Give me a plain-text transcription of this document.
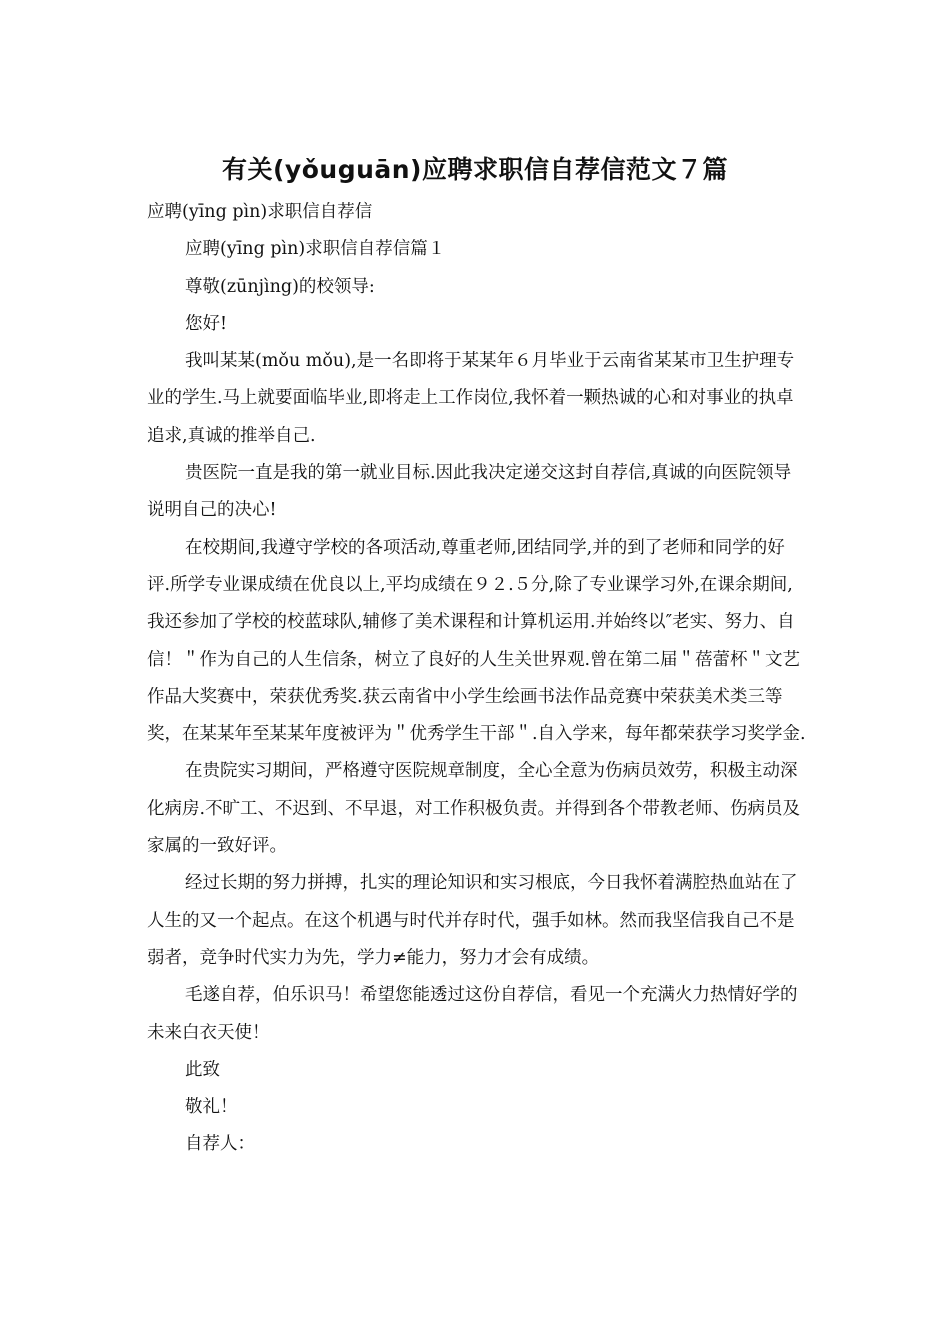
有关(yǒuguān)应聘求职信自荐信范文７篇

应聘(yīng pìn)求职信自荐信

应聘(yīng pìn)求职信自荐信篇１

尊敬(zūnjìng)的校领导:

您好!

我叫某某(mǒu mǒu),是一名即将于某某年６月毕业于云南省某某市卫生护理专业的学生.马上就要面临毕业,即将走上工作岗位,我怀着一颗热诚的心和对事业的执卓追求,真诚的推举自己.

贵医院一直是我的第一就业目标.因此我决定递交这封自荐信,真诚的向医院领导说明自己的决心!

在校期间,我遵守学校的各项活动,尊重老师,团结同学,并的到了老师和同学的好评.所学专业课成绩在优良以上,平均成绩在９２.５分,除了专业课学习外,在课余期间,我还参加了学校的校蓝球队,辅修了美术课程和计算机运用.并始终以″老实、努力、自信！＂作为自己的人生信条，树立了良好的人生关世界观.曾在第二届＂蓓蕾杯＂文艺作品大奖赛中，荣获优秀奖.获云南省中小学生绘画书法作品竞赛中荣获美术类三等奖，在某某年至某某年度被评为＂优秀学生干部＂.自入学来，每年都荣获学习奖学金.

在贵院实习期间，严格遵守医院规章制度，全心全意为伤病员效劳，积极主动深化病房.不旷工、不迟到、不早退，对工作积极负责。并得到各个带教老师、伤病员及家属的一致好评。

经过长期的努力拼搏，扎实的理论知识和实习根底，今日我怀着满腔热血站在了人生的又一个起点。在这个机遇与时代并存时代，强手如林。然而我坚信我自己不是弱者，竞争时代实力为先，学力≠能力，努力才会有成绩。

毛遂自荐，伯乐识马！希望您能透过这份自荐信，看见一个充满火力热情好学的未来白衣天使！

此致

敬礼！

自荐人：
